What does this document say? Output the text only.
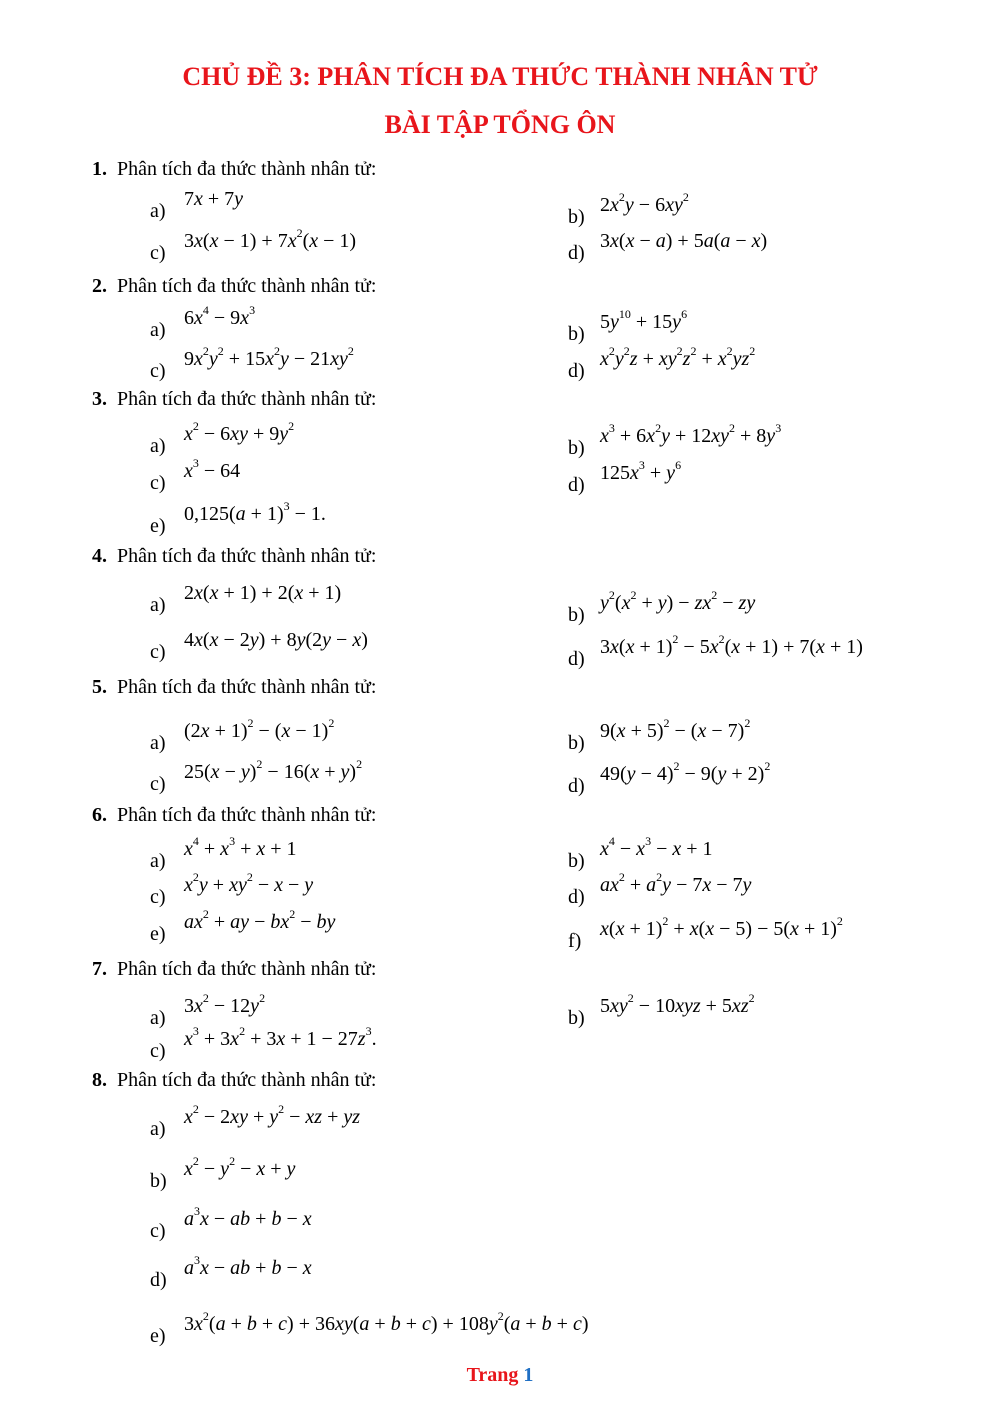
CHỦ ĐỀ 3: PHÂN TÍCH ĐA THỨC THÀNH NHÂN TỬ
BÀI TẬP TỔNG ÔN
1. Phân tích đa thức thành nhân tử:
a)
7x + 7y
b)
$2x^2y - 6xy^2$
c)
$3x(x - 1) + 7x^2(x - 1)$
d)
3x(x − a) + 5a(a − x)
2. Phân tích đa thức thành nhân tử:
a)
$6x^4 - 9x^3$
b)
$5y^{10} + 15y^6$
c)
$9x^2y^2 + 15x^2y - 21xy^2$
d)
$x^2y^2z + xy^2z^2 + x^2yz^2$
3. Phân tích đa thức thành nhân tử:
a)
$x^2 - 6xy + 9y^2$
b)
$x^3 + 6x^2y + 12xy^2 + 8y^3$
c)
$x^3 - 64$
d)
$125x^3 + y^6$
e)
$0,125(a + 1)^3 - 1$.
4. Phân tích đa thức thành nhân tử:
a)
2x(x + 1) + 2(x + 1)
b)
$y^2(x^2 + y) - zx^2$ − zy
c)
4x(x − 2y) + 8y(2y − x)
d)
$3x(x + 1)^2 - 5x^2(x + 1) + 7(x + 1)$
5. Phân tích đa thức thành nhân tử:
a)
$(2x + 1)^2 - (x - 1)^2$
b)
$9(x + 5)^2 - (x - 7)^2$
c)
$25(x - y)^2 - 16(x + y)^2$
d)
$49(y - 4)^2 - 9(y + 2)^2$
6. Phân tích đa thức thành nhân tử:
a)
$x^4 + x^3 + x + 1$
b)
$x^4 - x^3 - x + 1$
c)
$x^2y + xy^2 - x - y$
d)
$ax^2 + a^2y - 7x - 7y$
e)
$ax^2$ + ay − $bx^2$ − by
f)
$x(x + 1)^2 + x(x - 5) - 5(x + 1)^2$
7. Phân tích đa thức thành nhân tử:
a)
$3x^2 - 12y^2$
b)
$5xy^2 - 10xyz + 5xz^2$
c)
$x^3 + 3x^2 + 3x + 1 - 27z^3$.
8. Phân tích đa thức thành nhân tử:
a)
$x^2 - 2xy + y^2$ − xz + yz
b)
$x^2 - y^2 - x + y$
c)
$a^3x$ − ab + b − x
d)
$a^3x$ − ab + b − x
e)
$3x^2(a + b + c) + 36xy(a + b + c) + 108y^2(a + b + c)$
Trang 1
